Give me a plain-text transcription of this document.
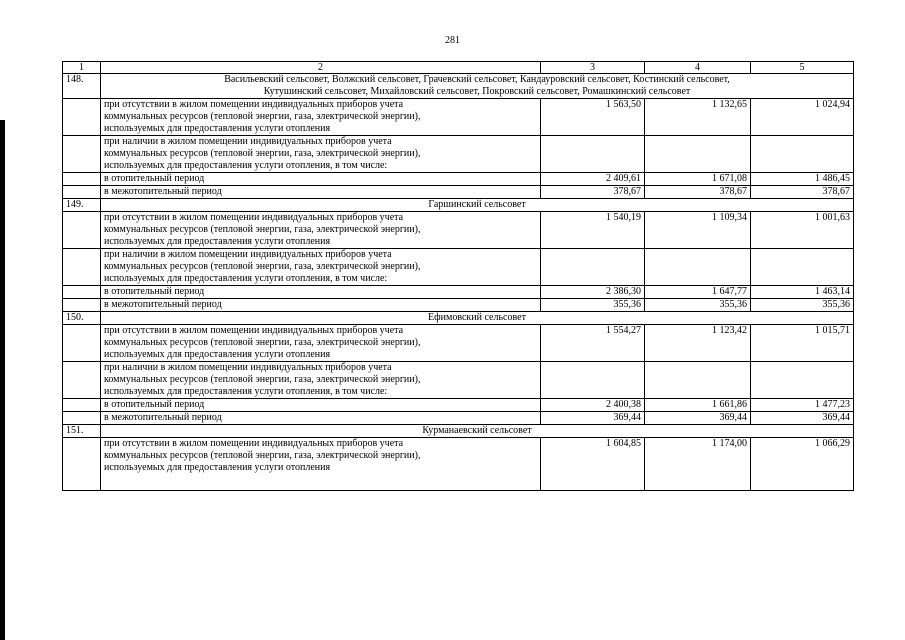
281
1	2	3	4	5
148.	Васильевский сельсовет, Волжский сельсовет, Грачевский сельсовет, Кандауровский сельсовет, Костинский сельсовет,
Кутушинский сельсовет, Михайловский сельсовет, Покровский сельсовет, Ромашкинский сельсовет			

	при отсутствии в жилом помещении индивидуальных приборов учета
коммунальных ресурсов (тепловой энергии, газа, электрической энергии),
используемых для предоставления услуги отопления	1 563,50	1 132,65	1 024,94

	при наличии в жилом помещении индивидуальных приборов учета
коммунальных ресурсов (тепловой энергии, газа, электрической энергии),
используемых для предоставления услуги отопления, в том числе:			

	в отопительный период	2 409,61	1 671,08	1 486,45

	в межотопительный период	378,67	378,67	378,67
149.	Гаршинский сельсовет			

	при отсутствии в жилом помещении индивидуальных приборов учета
коммунальных ресурсов (тепловой энергии, газа, электрической энергии),
используемых для предоставления услуги отопления	1 540,19	1 109,34	1 001,63

	при наличии в жилом помещении индивидуальных приборов учета
коммунальных ресурсов (тепловой энергии, газа, электрической энергии),
используемых для предоставления услуги отопления, в том числе:			

	в отопительный период	2 386,30	1 647,77	1 463,14

	в межотопительный период	355,36	355,36	355,36
150.	Ефимовский сельсовет			

	при отсутствии в жилом помещении индивидуальных приборов учета
коммунальных ресурсов (тепловой энергии, газа, электрической энергии),
используемых для предоставления услуги отопления	1 554,27	1 123,42	1 015,71

	при наличии в жилом помещении индивидуальных приборов учета
коммунальных ресурсов (тепловой энергии, газа, электрической энергии),
используемых для предоставления услуги отопления, в том числе:			

	в отопительный период	2 400,38	1 661,86	1 477,23

	в межотопительный период	369,44	369,44	369,44
151.	Курманаевский сельсовет			

	при отсутствии в жилом помещении индивидуальных приборов учета
коммунальных ресурсов (тепловой энергии, газа, электрической энергии),
используемых для предоставления услуги отопления	1 604,85	1 174,00	1 066,29
